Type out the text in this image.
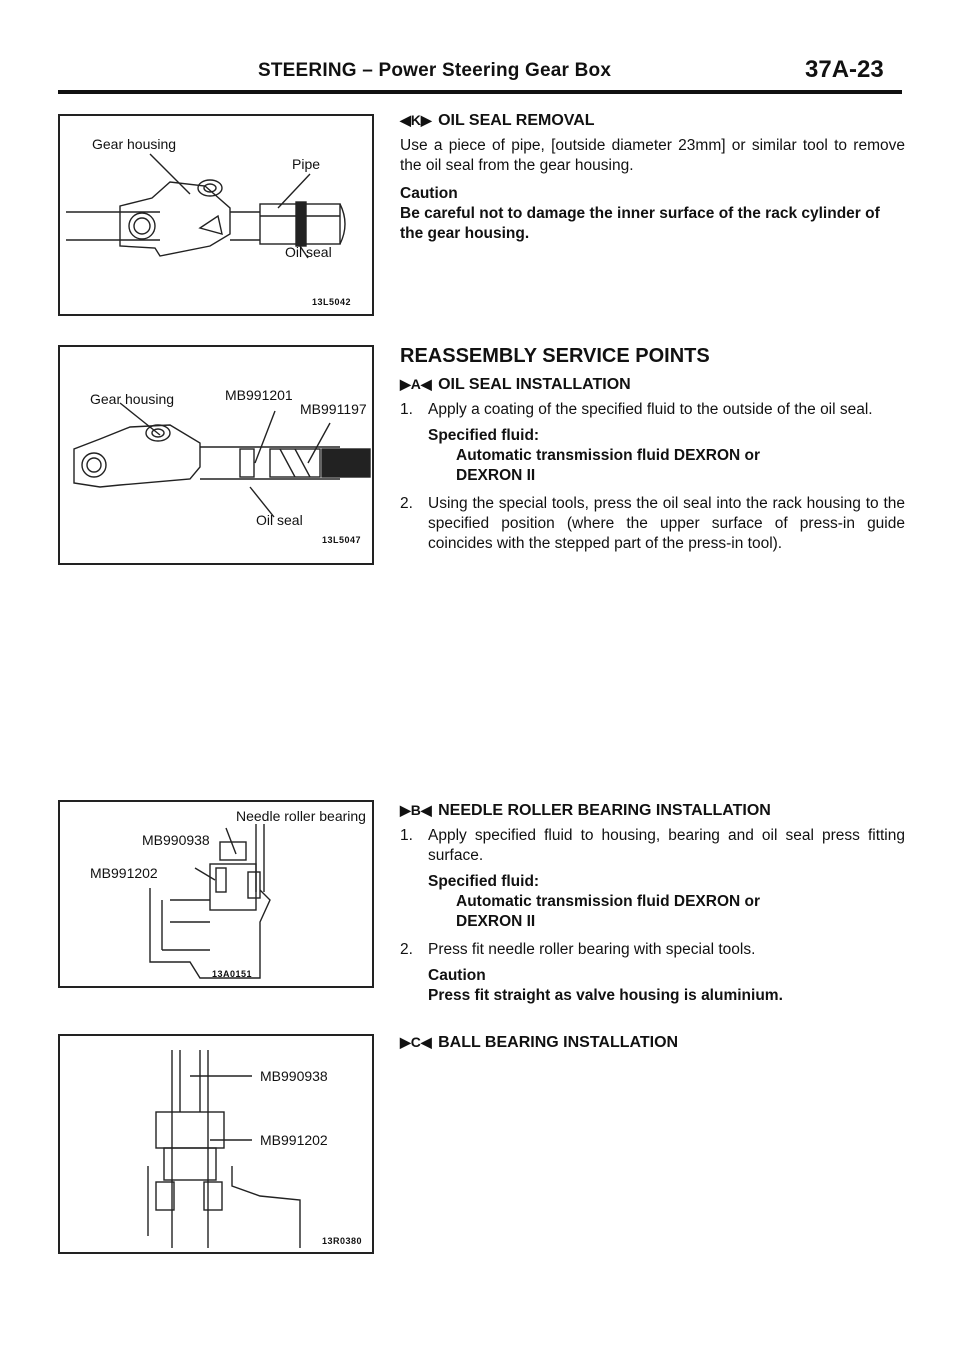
STEERING – Power Steering Gear Box	37A-23
Gear housing
Pipe
Oil seal
13L5042
Gear housing	MB991201
MB991197
Oil seal
13L5047
Needle roller bearing
MB990938
MB991202
13A0151
MB990938
MB991202
13R0380
◀K▶ OIL SEAL REMOVAL

Use a piece of pipe, [outside diameter 23mm] or similar tool to remove the oil seal from the gear housing.

Caution

Be careful not to damage the inner surface of the rack cylinder of the gear housing.

REASSEMBLY SERVICE POINTS
▶A◀ OIL SEAL INSTALLATION
1. Apply a coating of the specified fluid to the outside of the oil seal.
Specified fluid:
Automatic transmission fluid DEXRON or
DEXRON II
2. Using the special tools, press the oil seal into the rack housing to the specified position (where the upper surface of press-in guide coincides with the stepped part of the press-in tool).
▶B◀ NEEDLE ROLLER BEARING INSTALLATION
1. Apply specified fluid to housing, bearing and oil seal press fitting surface.
Specified fluid:
Automatic transmission fluid DEXRON or
DEXRON II
2. Press fit needle roller bearing with special tools.
Caution
Press fit straight as valve housing is aluminium.
▶C◀ BALL BEARING INSTALLATION
